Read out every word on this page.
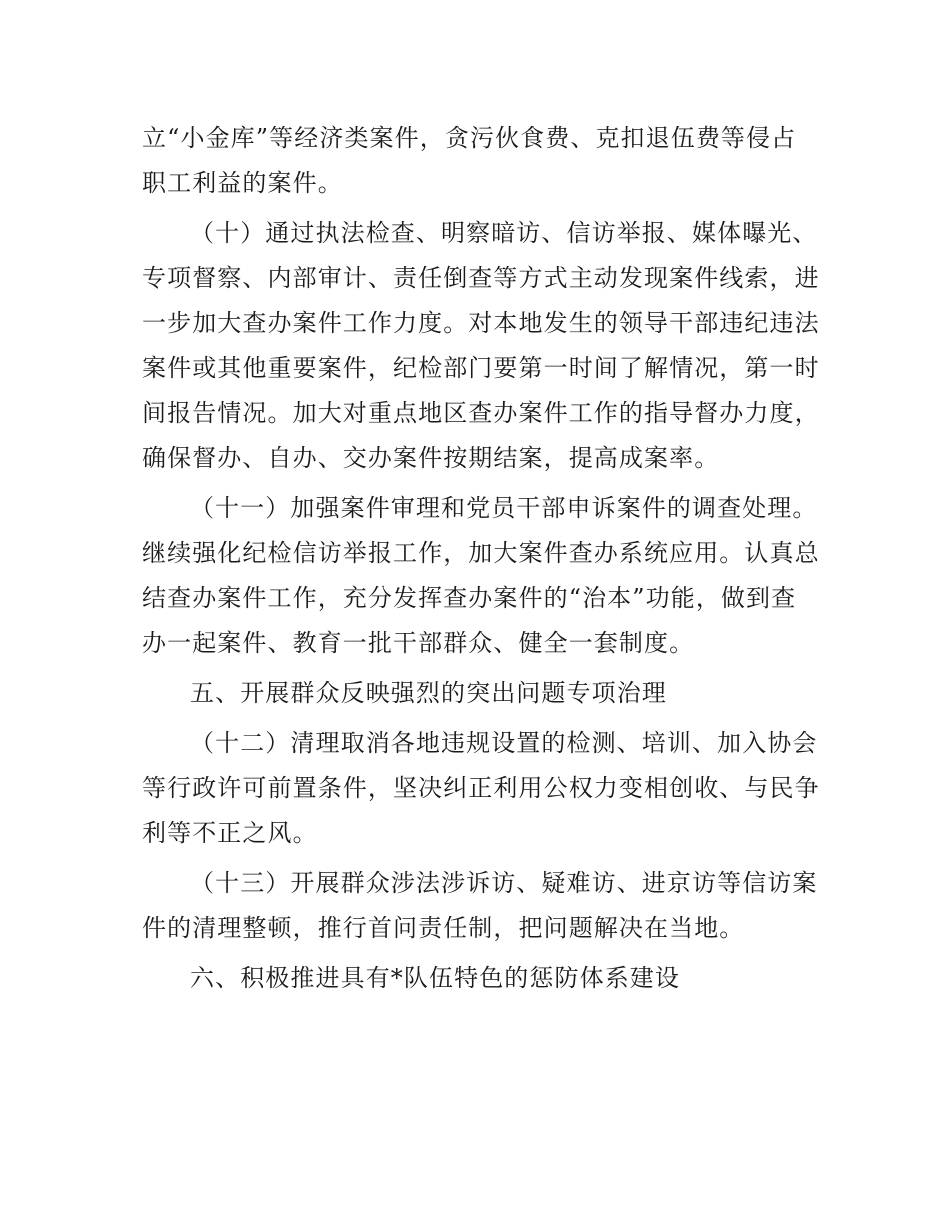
立“小金库”等经济类案件，贪污伙食费、克扣退伍费等侵占
职工利益的案件。
（十）通过执法检查、明察暗访、信访举报、媒体曝光、
专项督察、内部审计、责任倒查等方式主动发现案件线索，进
一步加大查办案件工作力度。对本地发生的领导干部违纪违法
案件或其他重要案件，纪检部门要第一时间了解情况，第一时
间报告情况。加大对重点地区查办案件工作的指导督办力度，
确保督办、自办、交办案件按期结案，提高成案率。
（十一）加强案件审理和党员干部申诉案件的调查处理。
继续强化纪检信访举报工作，加大案件查办系统应用。认真总
结查办案件工作，充分发挥查办案件的“治本”功能，做到查
办一起案件、教育一批干部群众、健全一套制度。
五、开展群众反映强烈的突出问题专项治理
（十二）清理取消各地违规设置的检测、培训、加入协会
等行政许可前置条件，坚决纠正利用公权力变相创收、与民争
利等不正之风。
（十三）开展群众涉法涉诉访、疑难访、进京访等信访案
件的清理整顿，推行首问责任制，把问题解决在当地。
六、积极推进具有*队伍特色的惩防体系建设
